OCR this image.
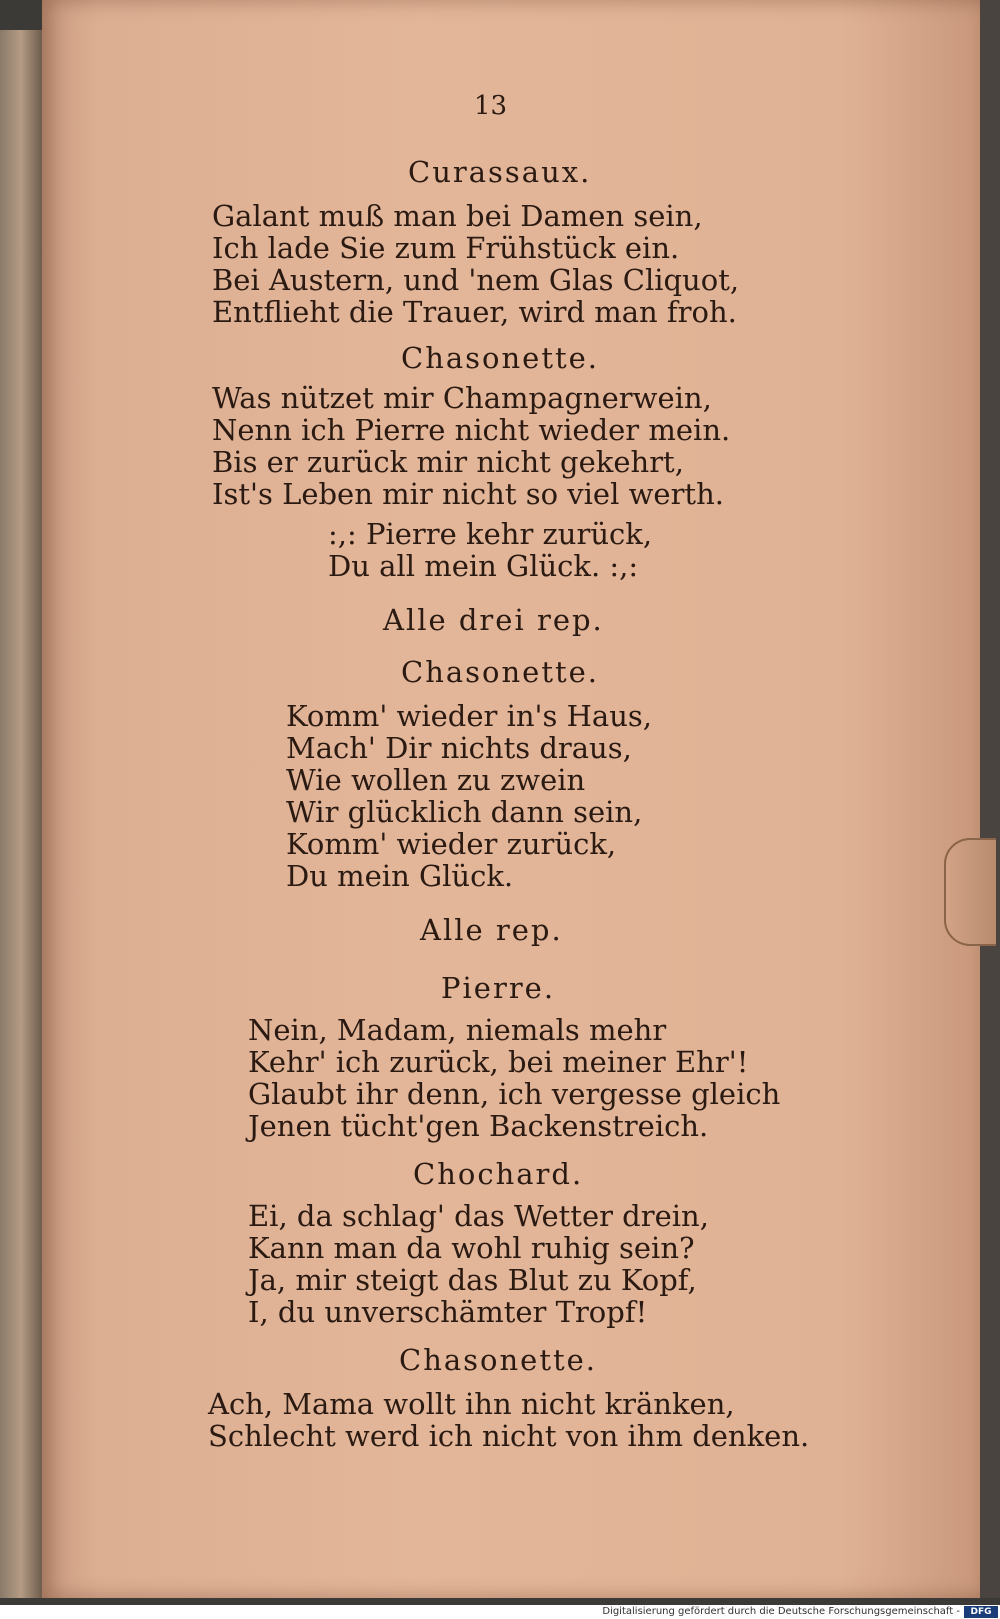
13
Curassaux.
Galant muß man bei Damen sein,
Ich lade Sie zum Frühstück ein.
Bei Austern, und 'nem Glas Cliquot,
Entflieht die Trauer, wird man froh.
Chasonette.
Was nützet mir Champagnerwein,
Nenn ich Pierre nicht wieder mein.
Bis er zurück mir nicht gekehrt,
Ist's Leben mir nicht so viel werth.
:,: Pierre kehr zurück,
Du all mein Glück. :,:
Alle drei rep.
Chasonette.
Komm' wieder in's Haus,
Mach' Dir nichts draus,
Wie wollen zu zwein
Wir glücklich dann sein,
Komm' wieder zurück,
Du mein Glück.
Alle rep.
Pierre.
Nein, Madam, niemals mehr
Kehr' ich zurück, bei meiner Ehr'!
Glaubt ihr denn, ich vergesse gleich
Jenen tücht'gen Backenstreich.
Chochard.
Ei, da schlag' das Wetter drein,
Kann man da wohl ruhig sein?
Ja, mir steigt das Blut zu Kopf,
I, du unverschämter Tropf!
Chasonette.
Ach, Mama wollt ihn nicht kränken,
Schlecht werd ich nicht von ihm denken.
Digitalisierung gefördert durch die Deutsche Forschungsgemeinschaft -	DFG
